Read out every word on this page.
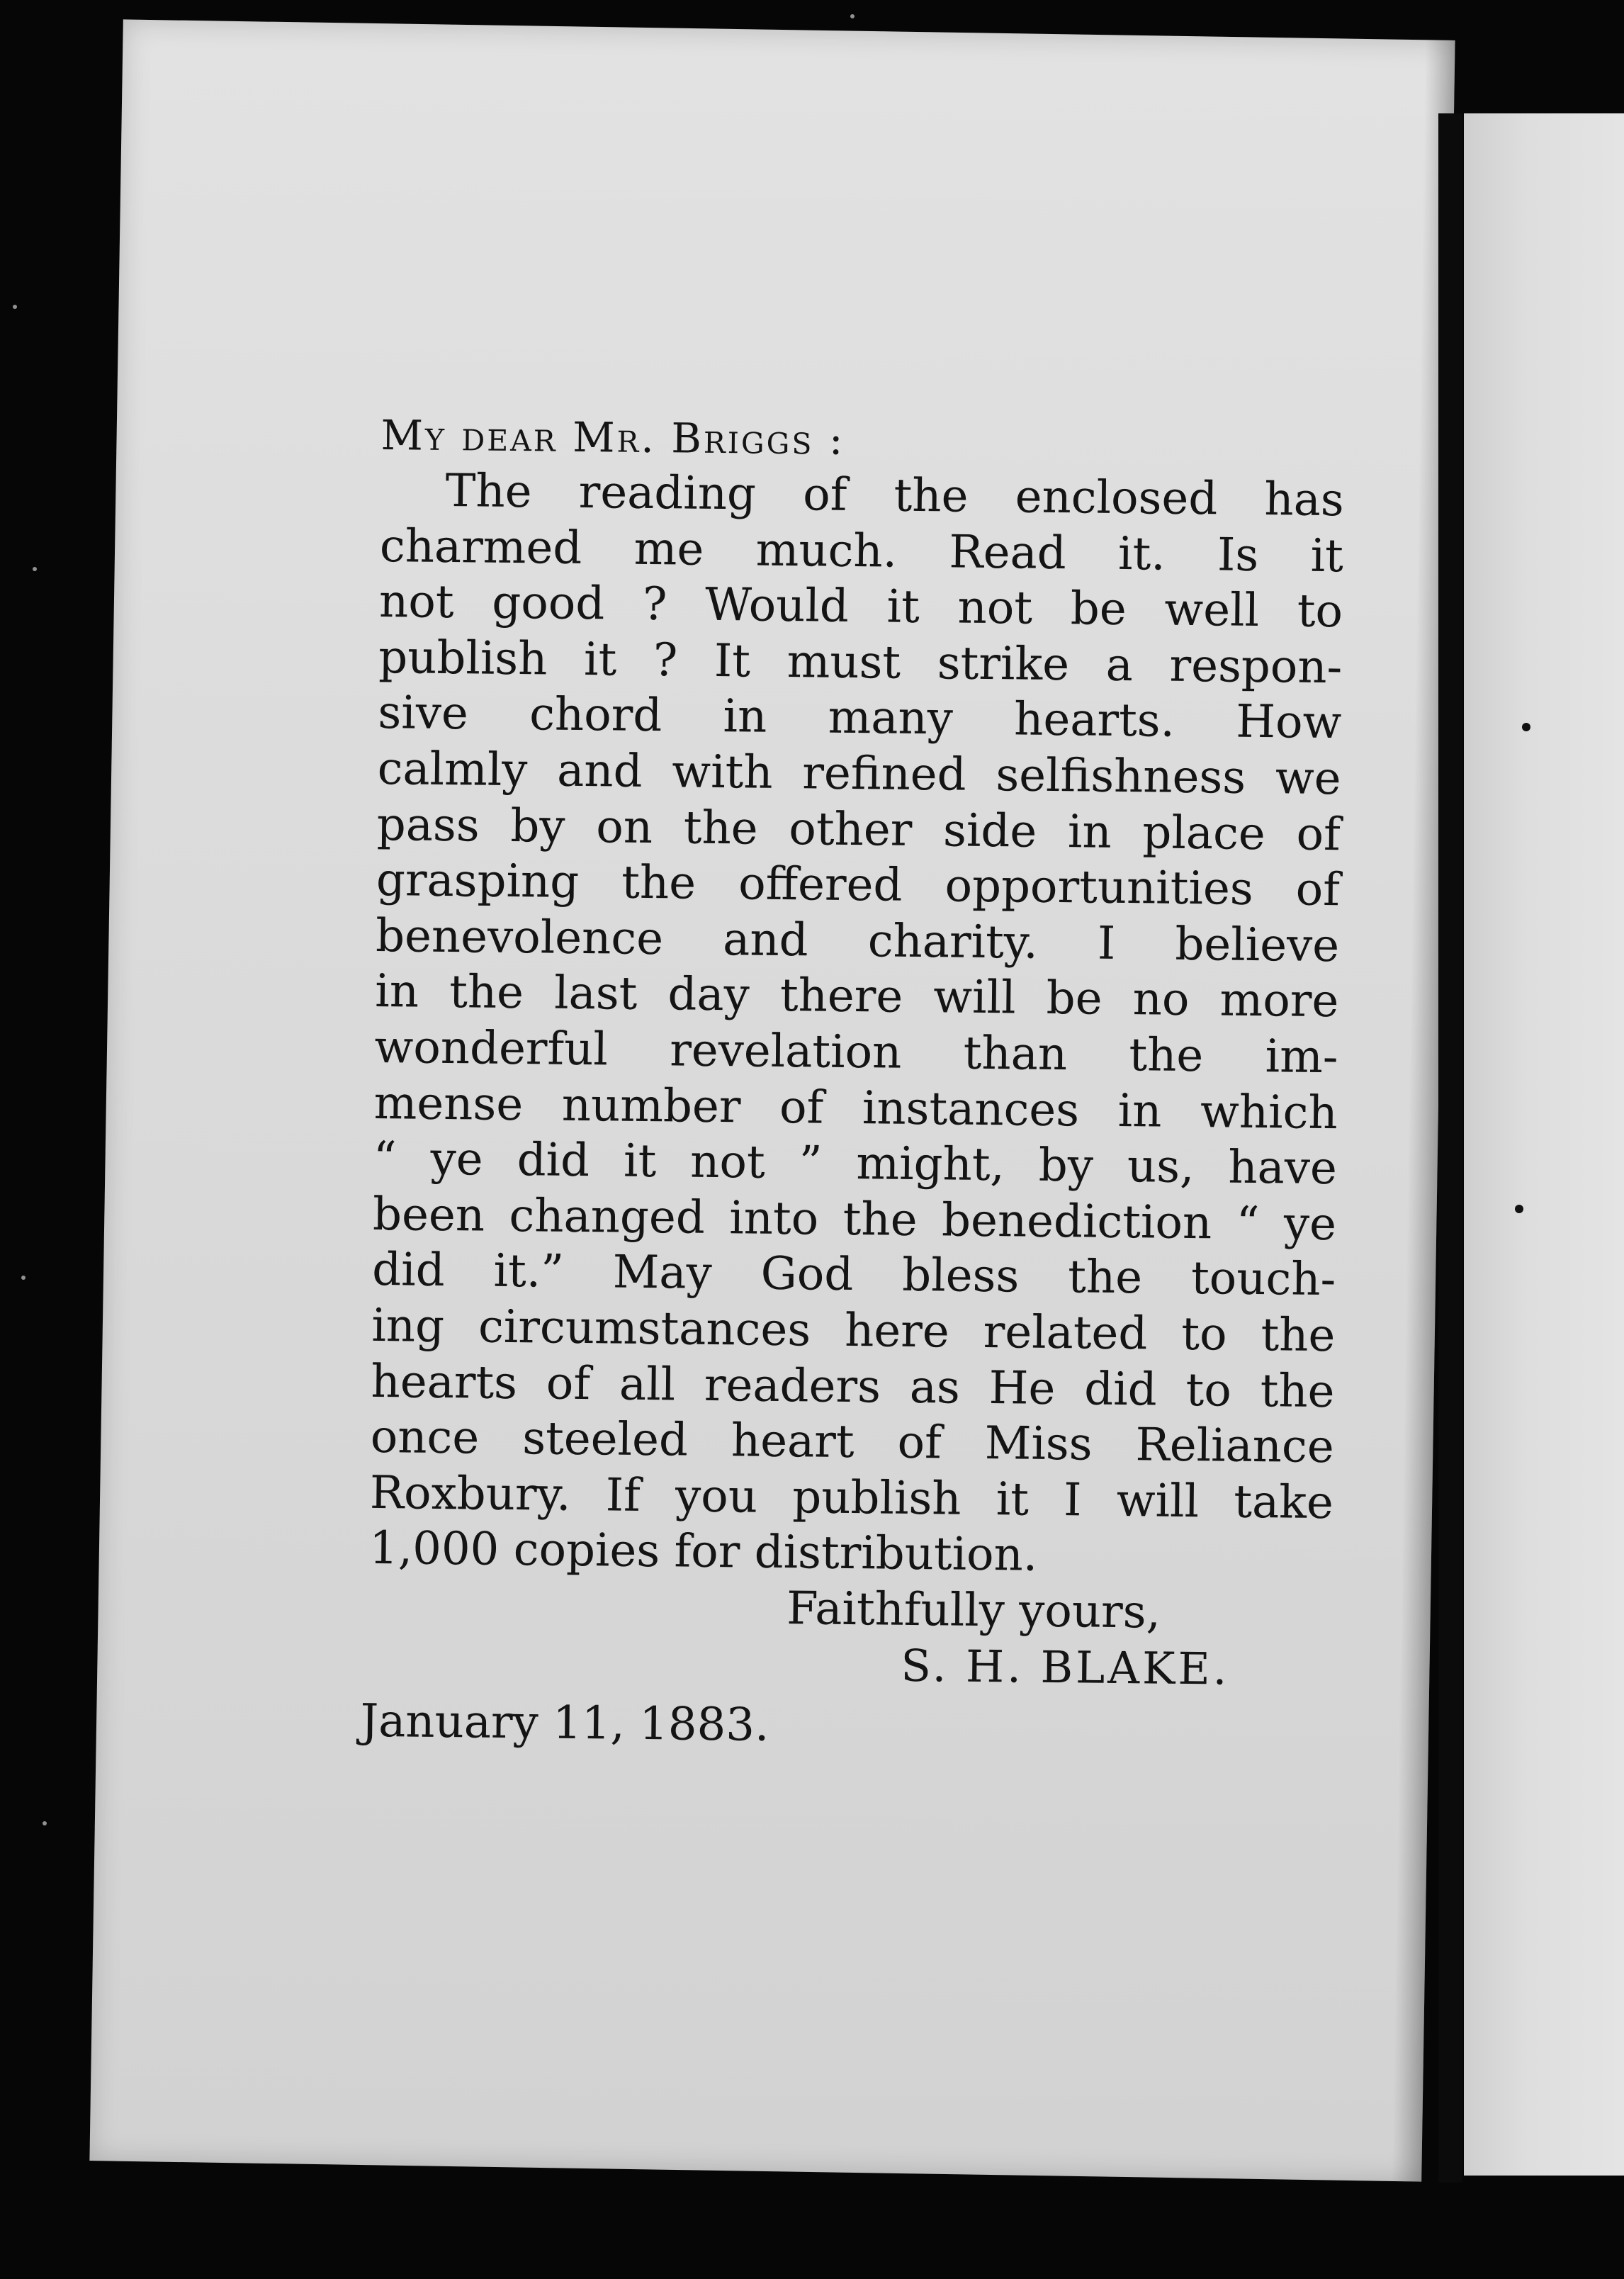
My dear Mr. Briggs :
The reading of the enclosed has
charmed me much. Read it. Is it
not good ? Would it not be well to
publish it ? It must strike a respon-
sive chord in many hearts. How
calmly and with refined selfishness we
pass by on the other side in place of
grasping the offered opportunities of
benevolence and charity. I believe
in the last day there will be no more
wonderful revelation than the im-
mense number of instances in which
“ ye did it not ” might, by us, have
been changed into the benediction “ ye
did it.” May God bless the touch-
ing circumstances here related to the
hearts of all readers as He did to the
once steeled heart of Miss Reliance
Roxbury. If you publish it I will take
1,000 copies for distribution.
Faithfully yours,
S. H. BLAKE.
January 11, 1883.
